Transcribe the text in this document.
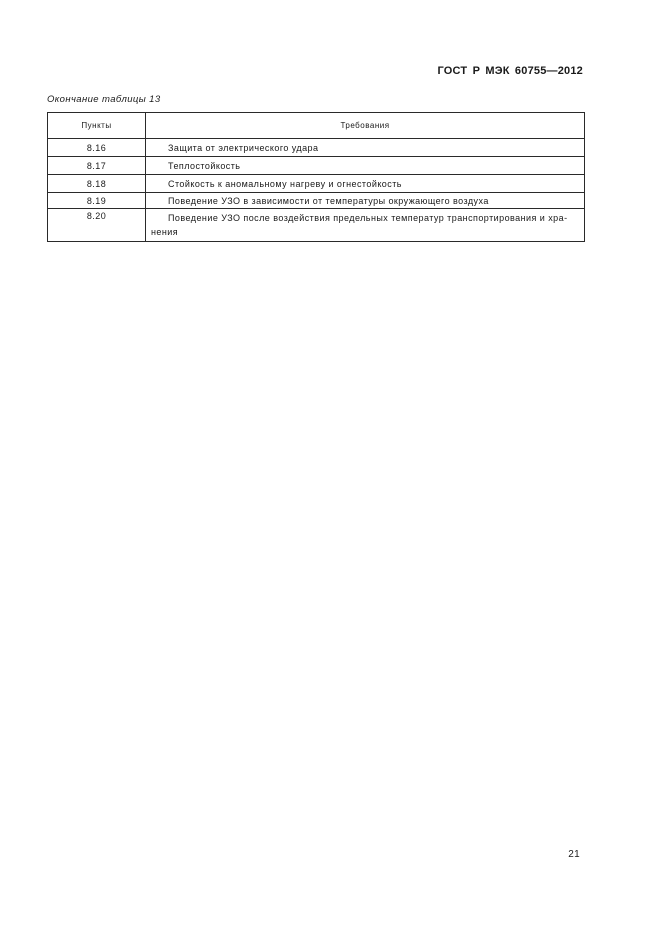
ГОСТ Р МЭК 60755—2012
Окончание таблицы 13
Пункты	Требования
8.16	Защита от электрического удара

8.17	Теплостойкость

8.18	Стойкость к аномальному нагреву и огнестойкость

8.19	Поведение УЗО в зависимости от температуры окружающего воздуха

8.20	Поведение УЗО после воздействия предельных температур транспортирования и хра-
нения
21
